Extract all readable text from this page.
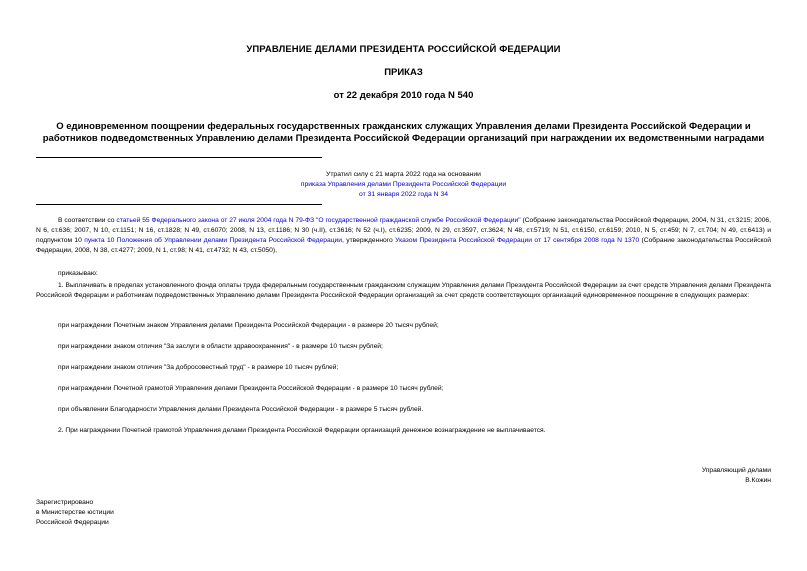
УПРАВЛЕНИЕ ДЕЛАМИ ПРЕЗИДЕНТА РОССИЙСКОЙ ФЕДЕРАЦИИ
ПРИКАЗ
от 22 декабря 2010 года N 540
О единовременном поощрении федеральных государственных гражданских служащих Управления делами Президента Российской Федерации и работников подведомственных Управлению делами Президента Российской Федерации организаций при награждении их ведомственными наградами
Утратил силу с 21 марта 2022 года на основании
приказа Управления делами Президента Российской Федерации
от 31 января 2022 года N 34
В соответствии со статьей 55 Федерального закона от 27 июля 2004 года N 79-ФЗ "О государственной гражданской службе Российской Федерации" (Собрание законодательства Российской Федерации, 2004, N 31, ст.3215; 2006, N 6, ст.636; 2007, N 10, ст.1151; N 16, ст.1828; N 49, ст.6070; 2008, N 13, ст.1186; N 30 (ч.II), ст.3616; N 52 (ч.I), ст.6235; 2009, N 29, ст.3597, ст.3624; N 48, ст.5719; N 51, ст.6150, ст.6159; 2010, N 5, ст.459; N 7, ст.704; N 49, ст.6413) и подпунктом 10 пункта 10 Положения об Управлении делами Президента Российской Федерации, утвержденного Указом Президента Российской Федерации от 17 сентября 2008 года N 1370 (Собрание законодательства Российской Федерации, 2008, N 38, ст.4277; 2009, N 1, ст.98; N 41, ст.4732; N 43, ст.5050),
приказываю:
1. Выплачивать в пределах установленного фонда оплаты труда федеральным государственным гражданским служащим Управления делами Президента Российской Федерации за счет средств Управления делами Президента Российской Федерации и работникам подведомственных Управлению делами Президента Российской Федерации организаций за счет средств соответствующих организаций единовременное поощрение в следующих размерах:
при награждении Почетным знаком Управления делами Президента Российской Федерации - в размере 20 тысяч рублей;
при награждении знаком отличия "За заслуги в области здравоохранения" - в размере 10 тысяч рублей;
при награждении знаком отличия "За добросовестный труд" - в размере 10 тысяч рублей;
при награждении Почетной грамотой Управления делами Президента Российской Федерации - в размере 10 тысяч рублей;
при объявлении Благодарности Управления делами Президента Российской Федерации - в размере 5 тысяч рублей.
2. При награждении Почетной грамотой Управления делами Президента Российской Федерации организаций денежное вознаграждение не выплачивается.
Управляющий делами
В.Кожин
Зарегистрировано
в Министерстве юстиции
Российской Федерации
